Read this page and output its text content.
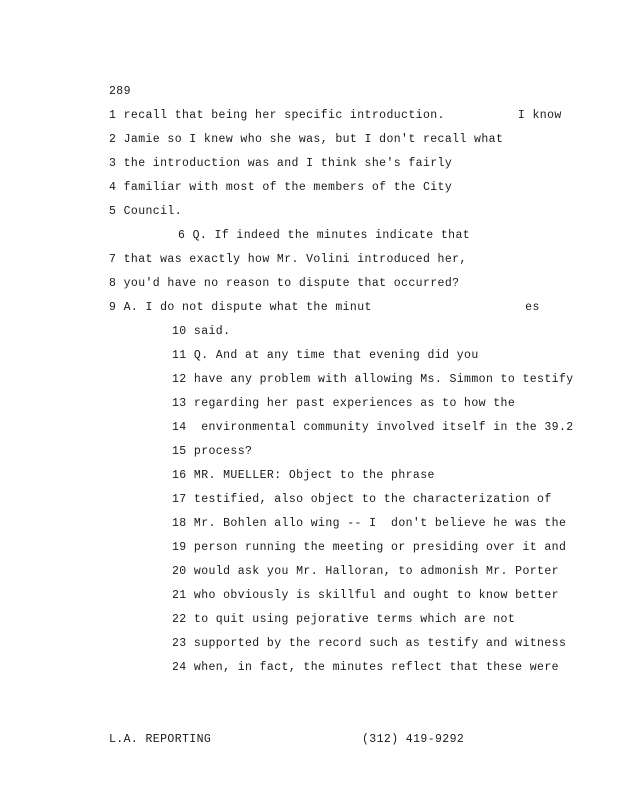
289
1 recall that being her specific introduction.          I know
2 Jamie so I knew who she was, but I don't recall what
3 the introduction was and I think she's fairly
4 familiar with most of the members of the City
5 Council.
6 Q. If indeed the minutes indicate that
7 that was exactly how Mr. Volini introduced her,
8 you'd have no reason to dispute that occurred?
9 A. I do not dispute what the minut                     es
10 said.
11 Q. And at any time that evening did you
12 have any problem with allowing Ms. Simmon to testify
13 regarding her past experiences as to how the
14  environmental community involved itself in the 39.2
15 process?
16 MR. MUELLER: Object to the phrase
17 testified, also object to the characterization of
18 Mr. Bohlen allo wing -- I  don't believe he was the
19 person running the meeting or presiding over it and
20 would ask you Mr. Halloran, to admonish Mr. Porter
21 who obviously is skillful and ought to know better
22 to quit using pejorative terms which are not
23 supported by the record such as testify and witness
24 when, in fact, the minutes reflect that these were
L.A. REPORTING	(312) 419-9292
